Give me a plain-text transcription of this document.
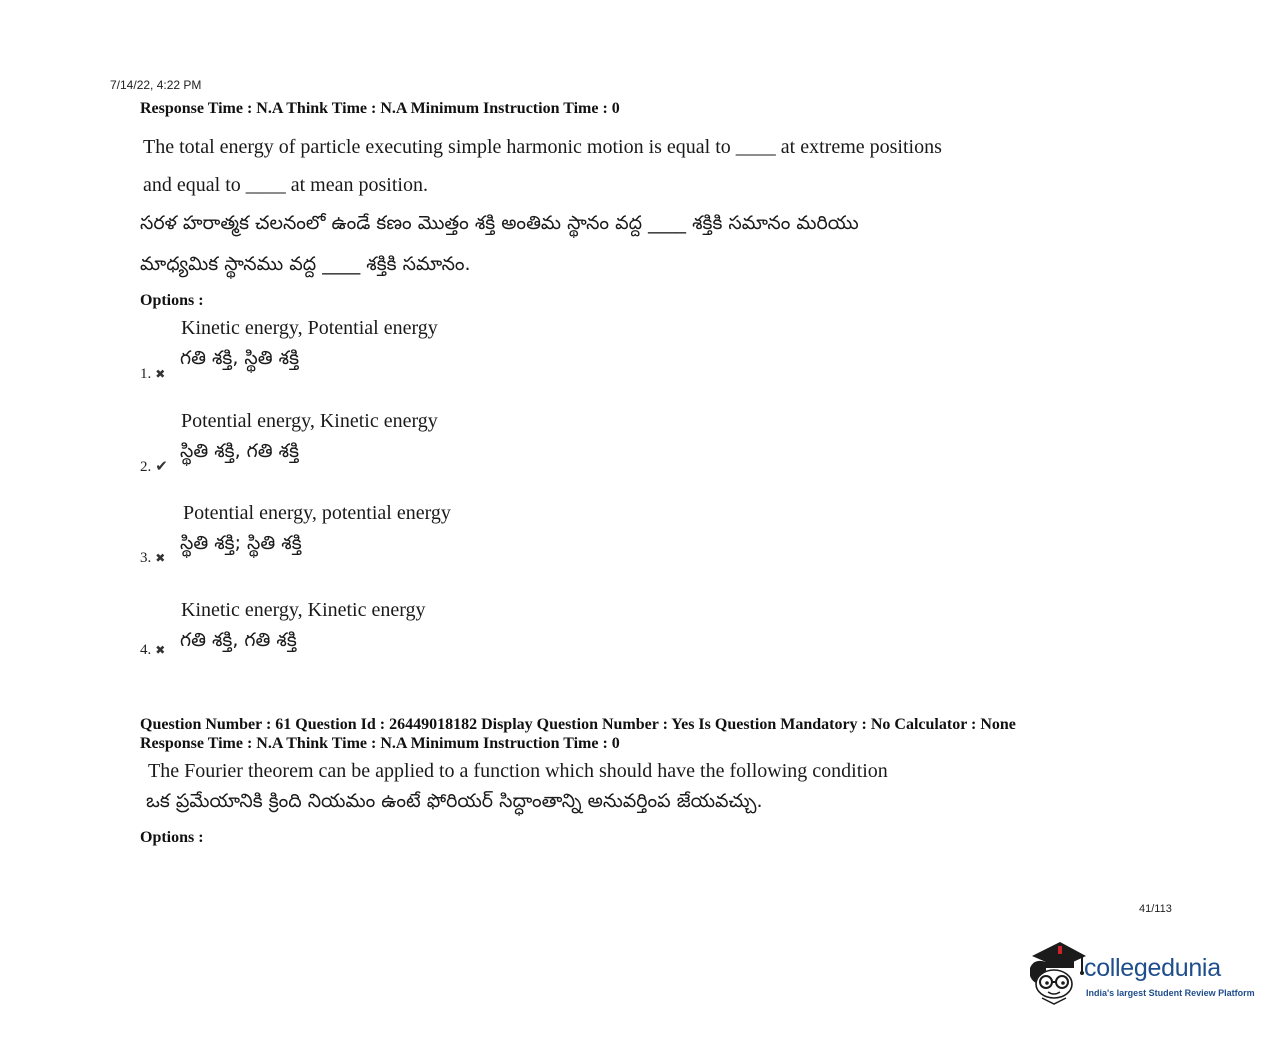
7/14/22, 4:22 PM
Response Time : N.A Think Time : N.A Minimum Instruction Time : 0
The total energy of particle executing simple harmonic motion is equal to ____ at extreme positions
and equal to ____ at mean position.
సరళ హరాత్మక చలనంలో ఉండే కణం మొత్తం శక్తి అంతిమ స్థానం వద్ద ____ శక్తికి సమానం మరియు
మాధ్యమిక స్థానము వద్ద ____ శక్తికి సమానం.
Options :
Kinetic energy, Potential energy
గతి శక్తి, స్థితి శక్తి
1. ✖
Potential energy, Kinetic energy
స్థితి శక్తి, గతి శక్తి
2. ✔
Potential energy, potential energy
స్థితి శక్తి; స్థితి శక్తి
3. ✖
Kinetic energy, Kinetic energy
గతి శక్తి, గతి శక్తి
4. ✖
Question Number : 61 Question Id : 26449018182 Display Question Number : Yes Is Question Mandatory : No Calculator : None
Response Time : N.A Think Time : N.A Minimum Instruction Time : 0
The Fourier theorem can be applied to a function which should have the following condition
ఒక ప్రమేయానికి క్రింది నియమం ఉంటే ఫోరియర్ సిద్ధాంతాన్ని అనువర్తింప జేయవచ్చు.
Options :
41/113
collegedunia
India's largest Student Review Platform
